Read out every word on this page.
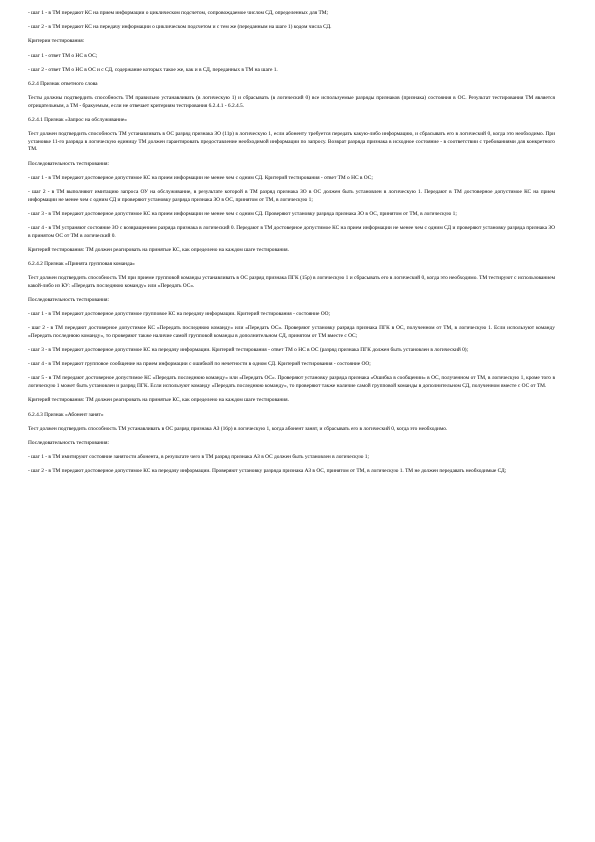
- шаг 1 - в ТМ передают КС на прием информации о циклическом подсчетом, сопровождаемое числом СД, определенных для ТМ;

- шаг 2 - в ТМ передают КС на передачу информации о циклическом подсчетом и с тем же (переданным на шаге 1) кодом числа СД.

Критерии тестирования:

- шаг 1 - ответ ТМ о НС в ОС;

- шаг 2 - ответ ТМ о НС в ОС и с СД, содержание которых такое же, как и в СД, переданных в ТМ на шаге 1.

6.2.4 Признак ответного слова

Тесты должны подтвердить способность ТМ правильно устанавливать (в логическую 1) и сбрасывать (в логический 0) все используемые разряды признаков (признака) состояния в ОС. Результат тестирования ТМ является отрицательным, а ТМ - бракуемым, если не отвечает критериям тестирования 6.2.4.1 - 6.2.4.5.

6.2.4.1 Признак «Запрос на обслуживание»

Тест должен подтвердить способность ТМ устанавливать в ОС разряд признака ЗО (11р) в логическую 1, если абоненту требуется передать какую-либо информацию, и сбрасывать его в логический 0, когда это необходимо. При установке 11-го разряда в логическую единицу ТМ должен гарантировать предоставление необходимой информации по запросу. Возврат разряда признака в исходное состояние - в соответствии с требованиями для конкретного ТМ.

Последовательность тестирования:

- шаг 1 - в ТМ передают достоверное допустимое КС на прием информации не менее чем с одним СД. Критерий тестирования - ответ ТМ о НС в ОС;

- шаг 2 - в ТМ выполняют имитацию запроса ОУ на обслуживание, в результате которой в ТМ разряд признака ЗО в ОС должен быть установлен в логическую 1. Передают в ТМ достоверное допустимое КС на прием информации не менее чем с одним СД и проверяют установку разряда признака ЗО в ОС, принятом от ТМ, в логическую 1;

- шаг 3 - в ТМ передают достоверное допустимое КС на прием информации не менее чем с одним СД. Проверяют установку разряда признака ЗО в ОС, принятом от ТМ, в логическую 1;

- шаг 4 - в ТМ устраняют состояние ЗО с возвращением разряда признака в логический 0. Передают в ТМ достоверное допустимое КС на прием информации не менее чем с одним СД и проверяют установку разряда признака ЗО в принятом ОС от ТМ в логический 0.

Критерий тестирования: ТМ должен реагировать на принятые КС, как определено на каждом шаге тестирования.

6.2.4.2 Признак «Принята групповая команда»

Тест должен подтвердить способность ТМ при приеме групповой команды устанавливать в ОС разряд признака ПГК (15р) в логическую 1 и сбрасывать его в логический 0, когда это необходимо. ТМ тестируют с использованием какой-либо из КУ: «Передать последнюю команду» или «Передать ОС».

Последовательность тестирования:

- шаг 1 - в ТМ передают достоверное допустимое групповое КС на передачу информации. Критерий тестирования - состояние ОО;

- шаг 2 - в ТМ передают достоверное допустимое КС «Передать последнюю команду» или «Передать ОС». Проверяют установку разряда признака ПГК в ОС, полученном от ТМ, в логическую 1. Если используют команду «Передать последнюю команду», то проверяют также наличие самой групповой команды в дополнительном СД, принятом от ТМ вместе с ОС;

- шаг 3 - в ТМ передают достоверное допустимое КС на передачу информации. Критерий тестирования - ответ ТМ о НС в ОС (разряд признака ПГК должен быть установлен в логический 0);

- шаг 4 - в ТМ передают групповое сообщение на прием информации с ошибкой по нечетности в одном СД. Критерий тестирования - состояние ОО;

- шаг 5 - в ТМ передают достоверное допустимое КС «Передать последнюю команду» или «Передать ОС». Проверяют установку разряда признака «Ошибка в сообщении» в ОС, полученном от ТМ, в логическую 1, кроме того в логическую 1 может быть установлен и разряд ПГК. Если используют команду «Передать последнюю команду», то проверяют также наличие самой групповой команды в дополнительном СД, полученном вместе с ОС от ТМ.

Критерий тестирования: ТМ должен реагировать на принятые КС, как определено на каждом шаге тестирования.

6.2.4.3 Признак «Абонент занят»

Тест должен подтвердить способность ТМ устанавливать в ОС разряд признака АЗ (16р) в логическую 1, когда абонент занят, и сбрасывать его в логический 0, когда это необходимо.

Последовательность тестирования:

- шаг 1 - в ТМ имитируют состояние занятости абонента, в результате чего в ТМ разряд признака АЗ в ОС должен быть установлен в логическую 1;

- шаг 2 - в ТМ передают достоверное допустимое КС на передачу информации. Проверяют установку разряда признака АЗ в ОС, принятом от ТМ, в логическую 1. ТМ не должен передавать необходимые СД;
